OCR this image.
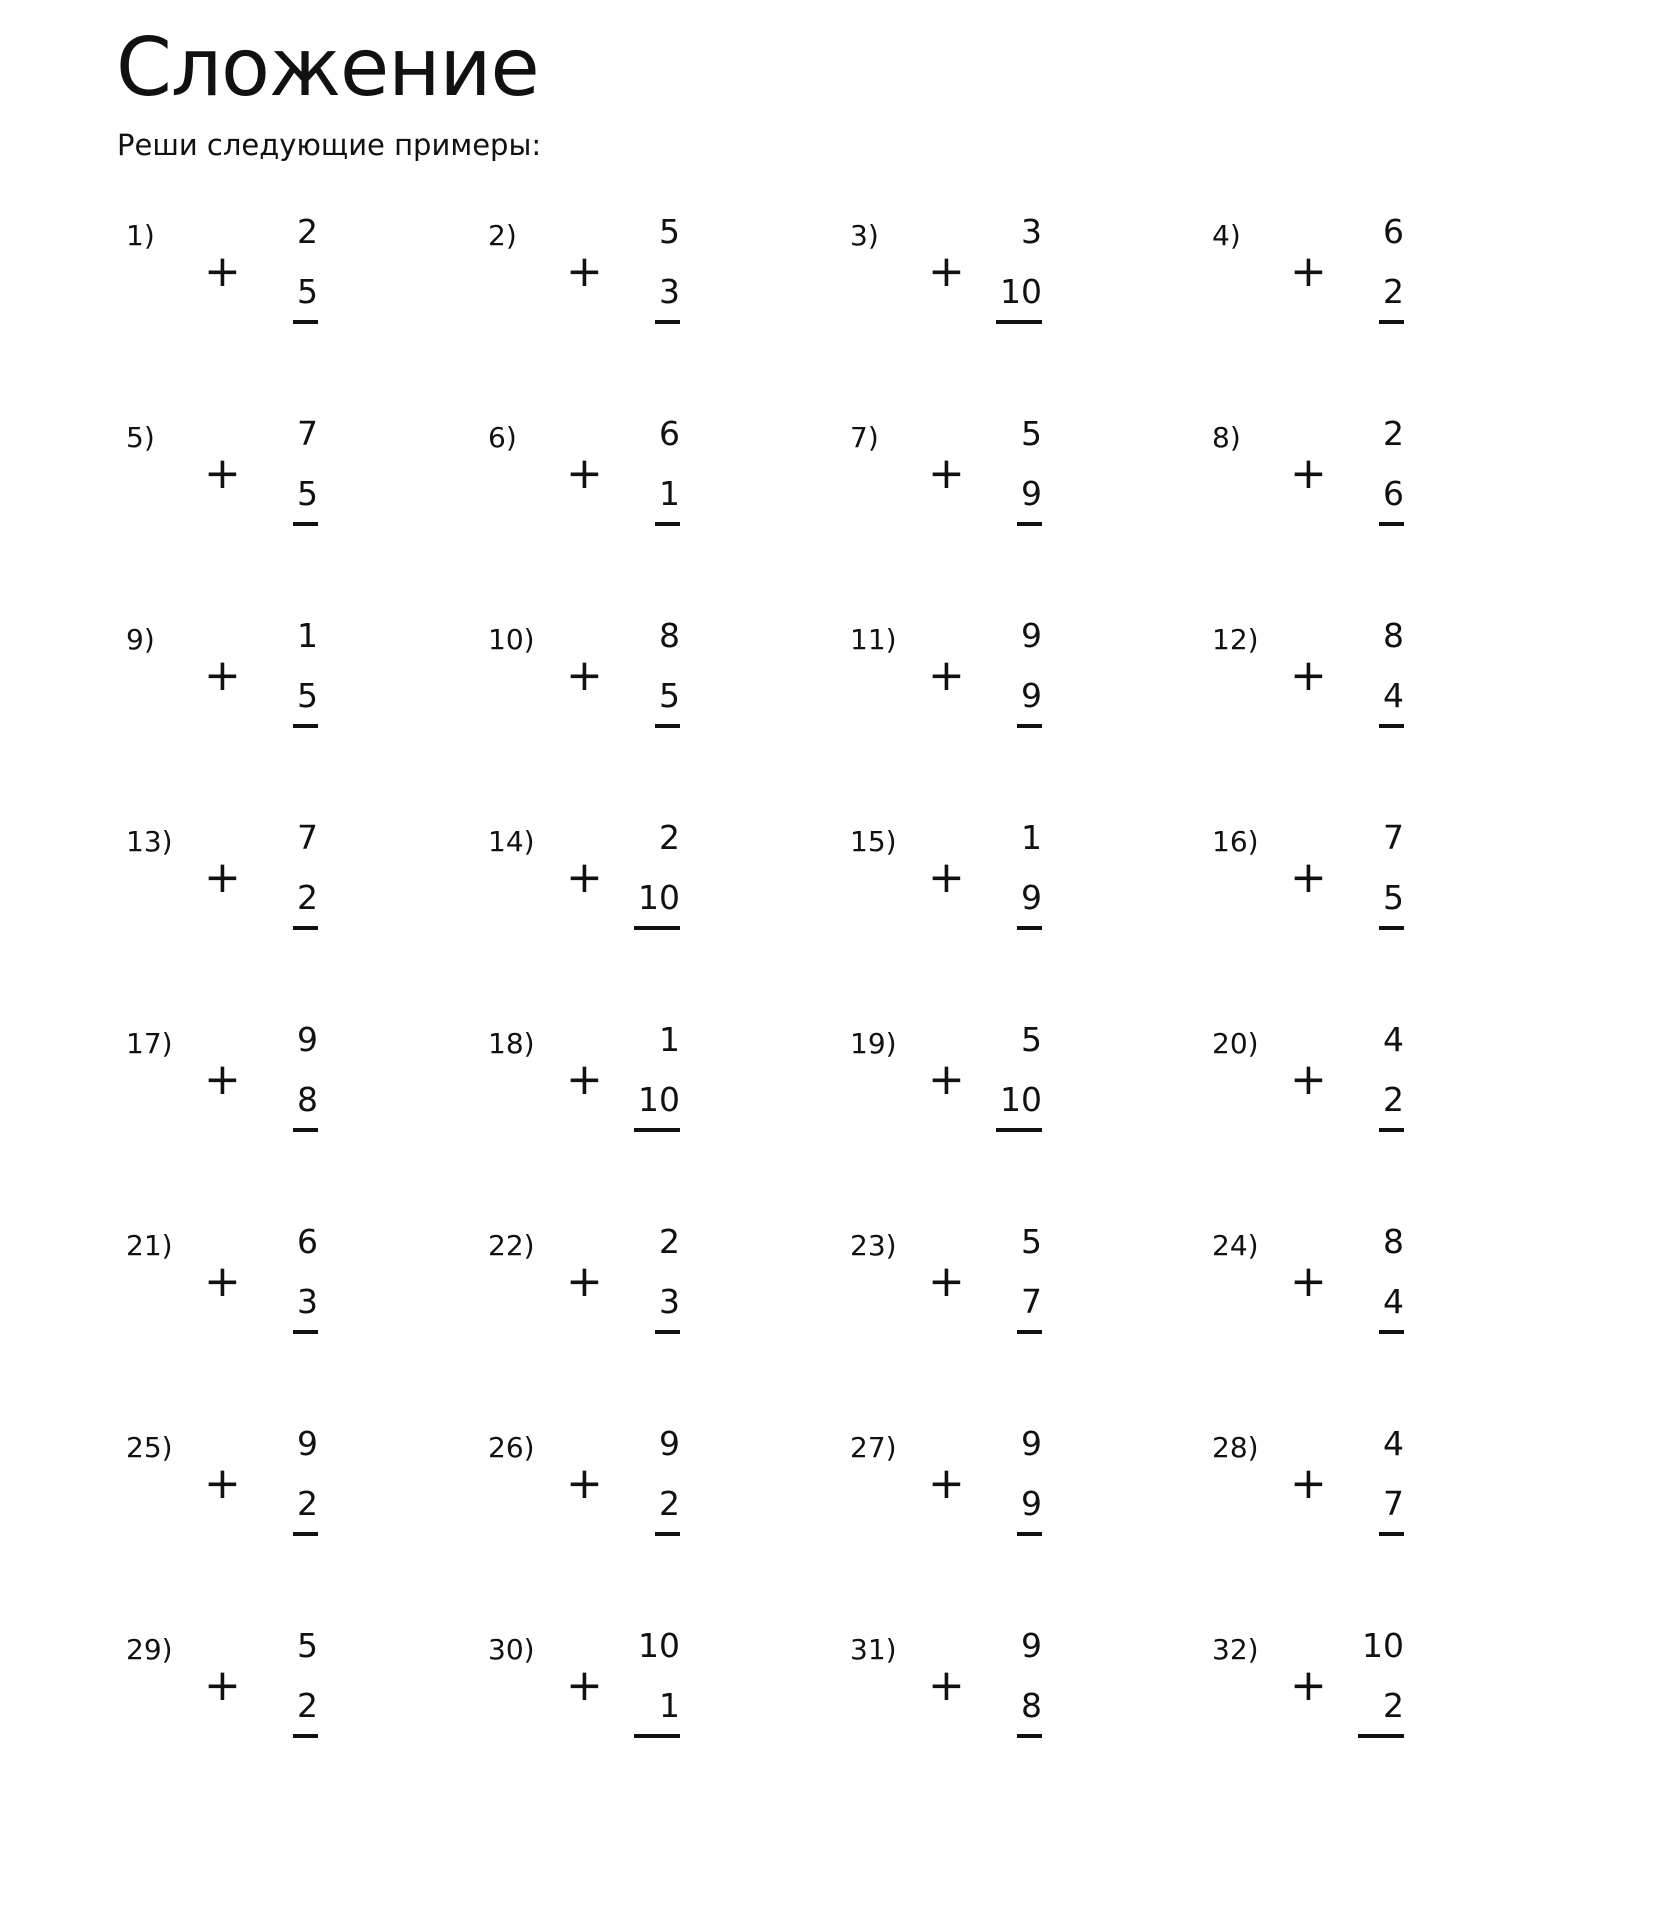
Сложение

Реши следующие примеры:

1)
+
2
5
2)
+
5
3
3)
+
3
10
4)
+
6
2
5)
+
7
5
6)
+
6
1
7)
+
5
9
8)
+
2
6
9)
+
1
5
10)
+
8
5
11)
+
9
9
12)
+
8
4
13)
+
7
2
14)
+
2
10
15)
+
1
9
16)
+
7
5
17)
+
9
8
18)
+
1
10
19)
+
5
10
20)
+
4
2
21)
+
6
3
22)
+
2
3
23)
+
5
7
24)
+
8
4
25)
+
9
2
26)
+
9
2
27)
+
9
9
28)
+
4
7
29)
+
5
2
30)
+
10
1
31)
+
9
8
32)
+
10
2
